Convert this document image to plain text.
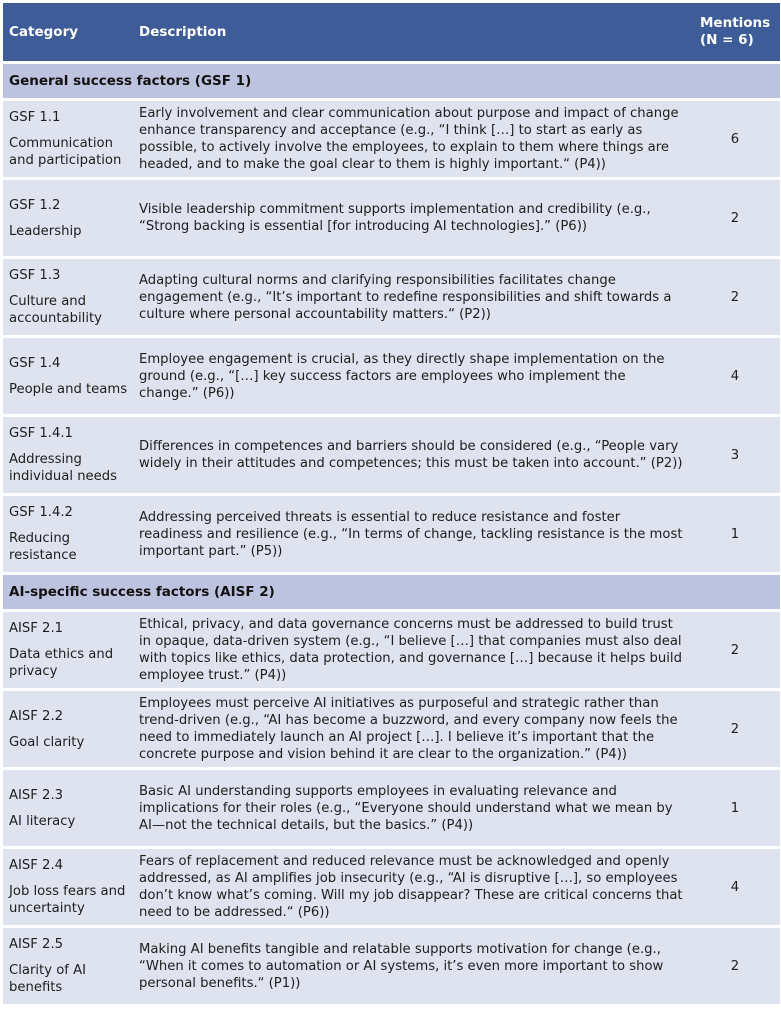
Category	Description	Mentions
(N = 6)
General success factors (GSF 1)		

GSF 1.1
Communication and participation	Early involvement and clear communication about purpose and impact of change enhance transparency and acceptance (e.g., “I think […] to start as early as possible, to actively involve the employees, to explain to them where things are headed, and to make the goal clear to them is highly important.“ (P4))	6

GSF 1.2
Leadership	Visible leadership commitment supports implementation and credibility (e.g., “Strong backing is essential [for introducing AI technologies].” (P6))	2

GSF 1.3
Culture and accountability	Adapting cultural norms and clarifying responsibilities facilitates change engagement (e.g., “It’s important to redefine responsibilities and shift towards a culture where personal accountability matters.“ (P2))	2

GSF 1.4
People and teams	Employee engagement is crucial, as they directly shape implementation on the ground (e.g., “[…] key success factors are employees who implement the change.” (P6))	4

GSF 1.4.1
Addressing individual needs	Differences in competences and barriers should be considered (e.g., “People vary widely in their attitudes and competences; this must be taken into account.” (P2))	3

GSF 1.4.2
Reducing resistance	Addressing perceived threats is essential to reduce resistance and foster readiness and resilience (e.g., “In terms of change, tackling resistance is the most important part.” (P5))	1
AI-specific success factors (AISF 2)		

AISF 2.1
Data ethics and privacy	Ethical, privacy, and data governance concerns must be addressed to build trust in opaque, data-driven system (e.g., “I believe […] that companies must also deal with topics like ethics, data protection, and governance […] because it helps build employee trust.” (P4))	2

AISF 2.2
Goal clarity	Employees must perceive AI initiatives as purposeful and strategic rather than trend-driven (e.g., “AI has become a buzzword, and every company now feels the need to immediately launch an AI project […]. I believe it’s important that the concrete purpose and vision behind it are clear to the organization.” (P4))	2

AISF 2.3
AI literacy	Basic AI understanding supports employees in evaluating relevance and implications for their roles (e.g., “Everyone should understand what we mean by AI—not the technical details, but the basics.” (P4))	1

AISF 2.4
Job loss fears and uncertainty	Fears of replacement and reduced relevance must be acknowledged and openly addressed, as AI amplifies job insecurity (e.g., “AI is disruptive […], so employees don’t know what’s coming. Will my job disappear? These are critical concerns that need to be addressed.“ (P6))	4

AISF 2.5
Clarity of AI benefits	Making AI benefits tangible and relatable supports motivation for change (e.g., “When it comes to automation or AI systems, it’s even more important to show personal benefits.“ (P1))	2
